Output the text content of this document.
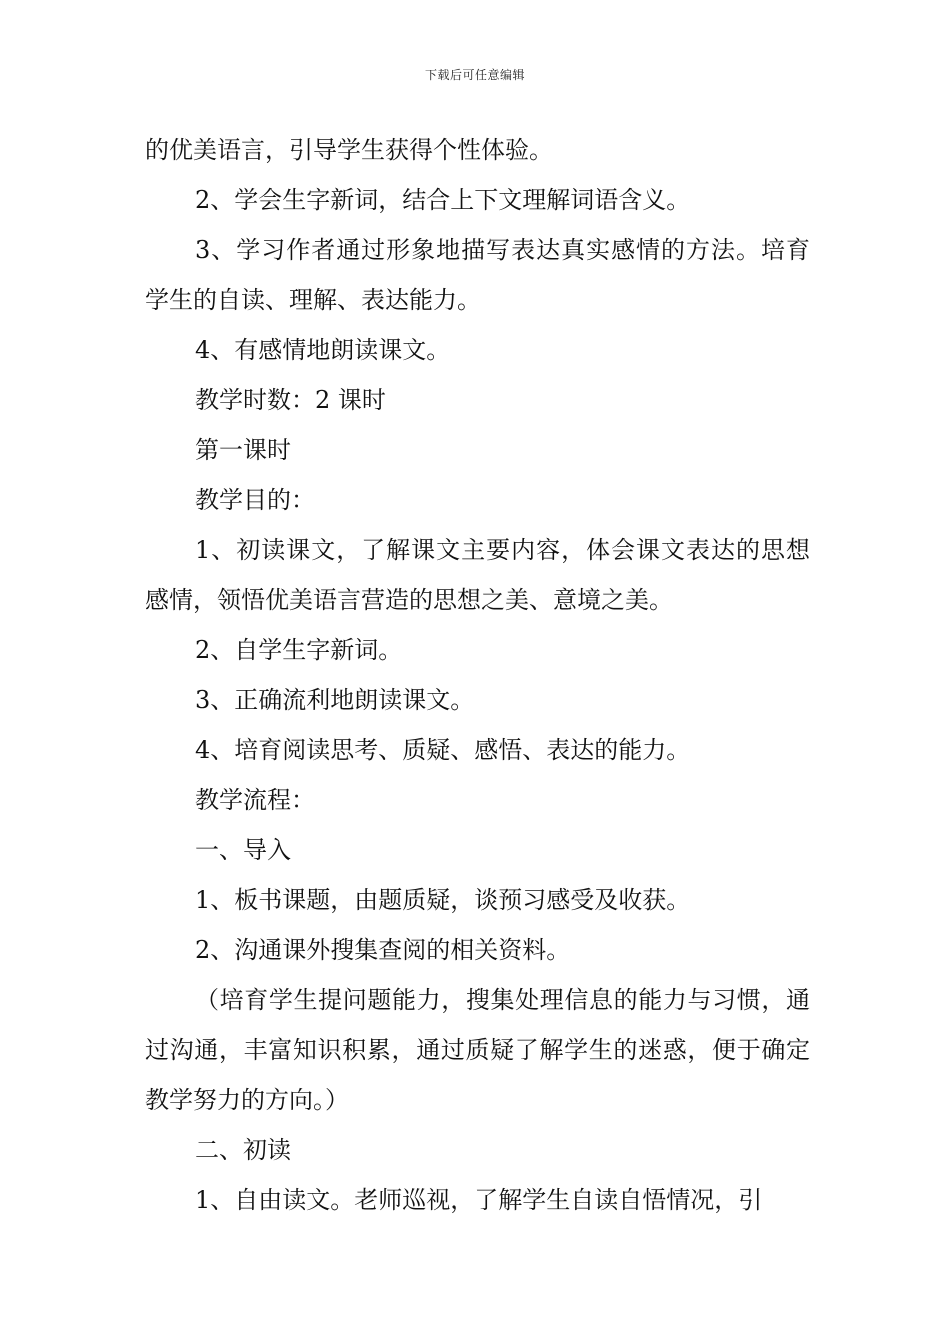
下载后可任意编辑

的优美语言，引导学生获得个性体验。

2、学会生字新词，结合上下文理解词语含义。

3、学习作者通过形象地描写表达真实感情的方法。培育学生的自读、理解、表达能力。

4、有感情地朗读课文。

教学时数：2 课时

第一课时

教学目的：

1、初读课文，了解课文主要内容，体会课文表达的思想感情，领悟优美语言营造的思想之美、意境之美。

2、自学生字新词。

3、正确流利地朗读课文。

4、培育阅读思考、质疑、感悟、表达的能力。

教学流程：

一、导入

1、板书课题，由题质疑，谈预习感受及收获。

2、沟通课外搜集查阅的相关资料。

（培育学生提问题能力，搜集处理信息的能力与习惯，通过沟通，丰富知识积累，通过质疑了解学生的迷惑，便于确定教学努力的方向。）

二、初读

1、自由读文。老师巡视，了解学生自读自悟情况，引
